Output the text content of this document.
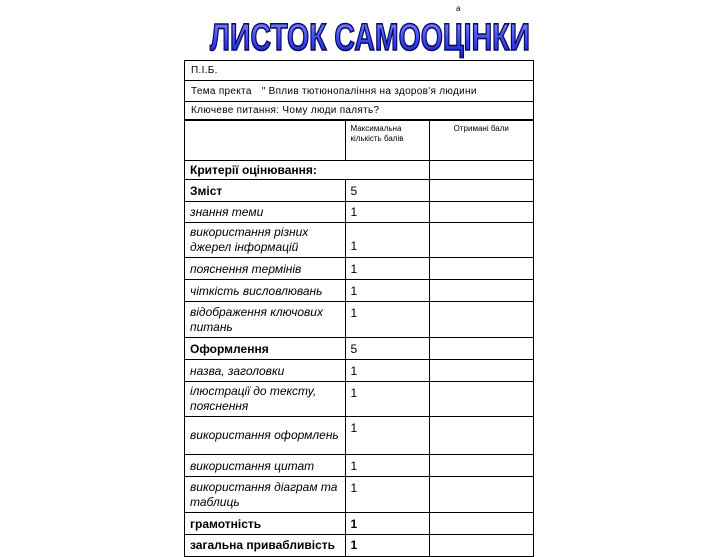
a
ЛИСТОК САМООЦІНКИ
П.І.Б.
Тема пректа " Вплив тютюнопаління на здоров'я людини
Ключеве питання: Чому люди палять?
	Максимальна кількість балів	Отримані бали
Критерії оцінювання:		
Зміст	5	
знання теми	1	
використання різних джерел інформацій	1	
пояснення термінів	1	
чіткість висловлювань	1	
відображення ключових питань	1	
Оформлення	5	
назва, заголовки	1	
ілюстрації до тексту, пояснення	1	
використання оформлень	1	
використання цитат	1	
використання діаграм та таблиць	1	
грамотність	1	
загальна привабливість	1	
